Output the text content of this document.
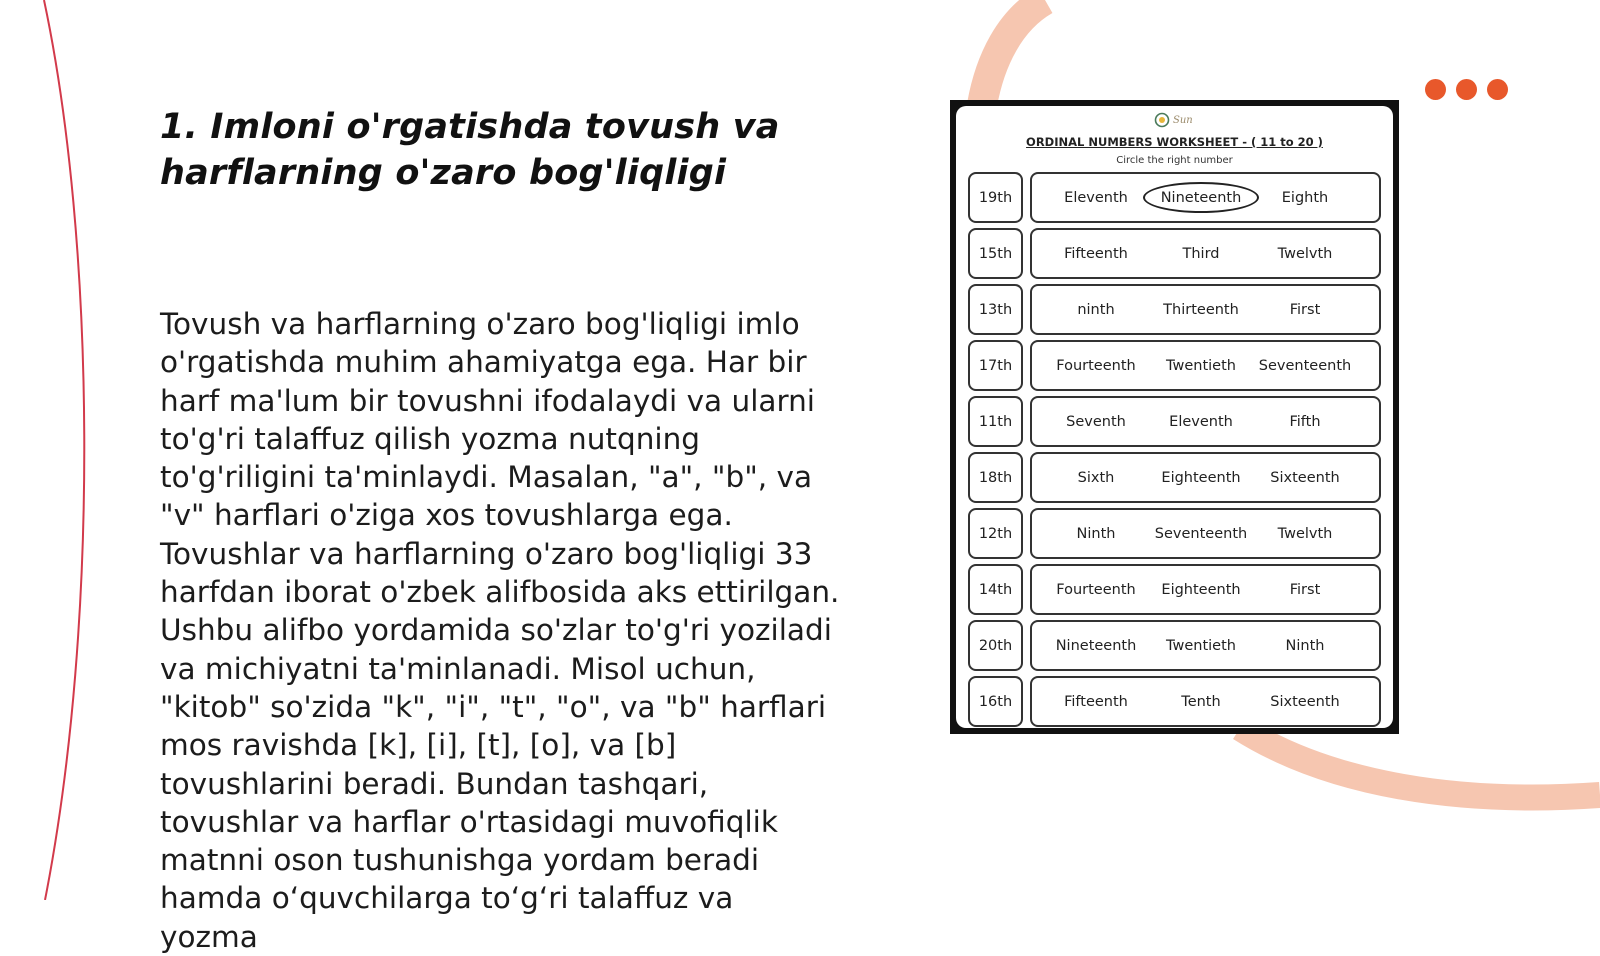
1. Imloni o'rgatishda tovush va harflarning o'zaro bog'liqligi

Tovush va harflarning o'zaro bog'liqligi imlo o'rgatishda muhim ahamiyatga ega. Har bir harf ma'lum bir tovushni ifodalaydi va ularni to'g'ri talaffuz qilish yozma nutqning to'g'riligini ta'minlaydi. Masalan, "a", "b", va "v" harflari o'ziga xos tovushlarga ega. Tovushlar va harflarning o'zaro bog'liqligi 33 harfdan iborat o'zbek alifbosida aks ettirilgan. Ushbu alifbo yordamida so'zlar to'g'ri yoziladi va michiyatni ta'minlanadi. Misol uchun, "kitob" so'zida "k", "i", "t", "o", va "b" harflari mos ravishda [k], [i], [t], [o], va [b] tovushlarini beradi. Bundan tashqari, tovushlar va harflar o'rtasidagi muvofiqlik matnni oson tushunishga yordam beradi hamda o‘quvchilarga to‘g‘ri talaffuz va yozma

Sun
ORDINAL NUMBERS WORKSHEET - ( 11 to 20 )
Circle the right number
19th	Eleventh	Nineteenth	Eighth
15th	Fifteenth	Third	Twelvth
13th	ninth	Thirteenth	First
17th	Fourteenth	Twentieth	Seventeenth
11th	Seventh	Eleventh	Fifth
18th	Sixth	Eighteenth	Sixteenth
12th	Ninth	Seventeenth	Twelvth
14th	Fourteenth	Eighteenth	First
20th	Nineteenth	Twentieth	Ninth
16th	Fifteenth	Tenth	Sixteenth
